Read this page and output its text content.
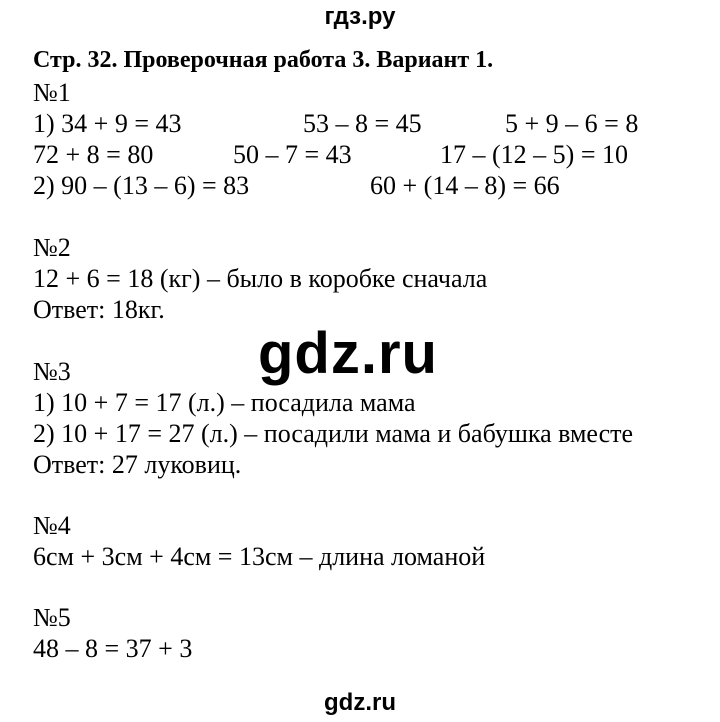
гдз.ру
Стр. 32. Проверочная работа 3. Вариант 1.
№1
1) 34 + 9 = 43	53 – 8 = 45	5 + 9 – 6 = 8
72 + 8 = 80	50 – 7 = 43	17 – (12 – 5) = 10
2) 90 – (13 – 6) = 83	60 + (14 – 8) = 66
№2
12 + 6 = 18 (кг) – было в коробке сначала
Ответ: 18кг.
gdz.ru
№3
1) 10 + 7 = 17 (л.) – посадила мама
2) 10 + 17 = 27 (л.) – посадили мама и бабушка вместе
Ответ: 27 луковиц.
№4
6см + 3см + 4см = 13см – длина ломаной
№5
48 – 8 = 37 + 3
gdz.ru
